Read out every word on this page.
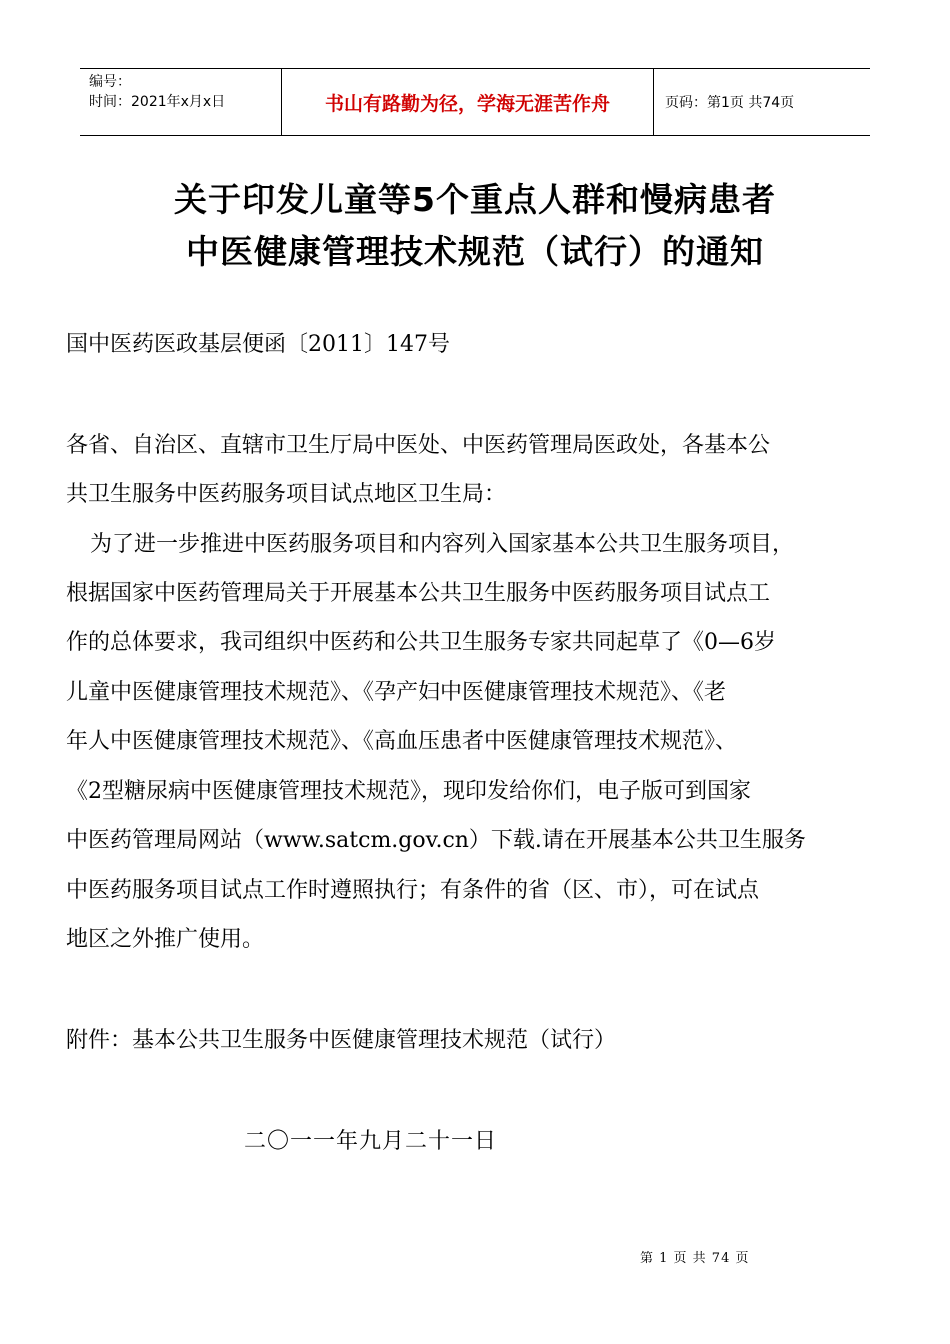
编号：
时间：2021年x月x日	书山有路勤为径，学海无涯苦作舟	页码：第1页 共74页
关于印发儿童等5个重点人群和慢病患者
中医健康管理技术规范（试行）的通知
国中医药医政基层便函〔2011〕147号
各省、自治区、直辖市卫生厅局中医处、中医药管理局医政处，各基本公
共卫生服务中医药服务项目试点地区卫生局：
为了进一步推进中医药服务项目和内容列入国家基本公共卫生服务项目，
根据国家中医药管理局关于开展基本公共卫生服务中医药服务项目试点工
作的总体要求，我司组织中医药和公共卫生服务专家共同起草了《0—6岁
儿童中医健康管理技术规范》、《孕产妇中医健康管理技术规范》、《老
年人中医健康管理技术规范》、《高血压患者中医健康管理技术规范》、
《2型糖尿病中医健康管理技术规范》，现印发给你们，电子版可到国家
中医药管理局网站（www.satcm.gov.cn）下载.请在开展基本公共卫生服务
中医药服务项目试点工作时遵照执行；有条件的省（区、市），可在试点
地区之外推广使用。
附件：基本公共卫生服务中医健康管理技术规范（试行）
二〇一一年九月二十一日
第 1 页 共 74 页
